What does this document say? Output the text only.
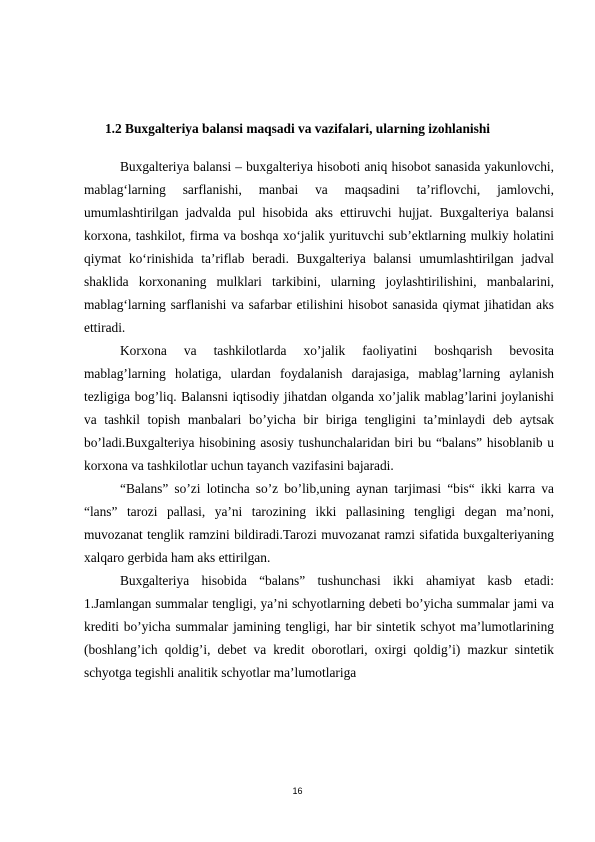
1.2 Buxgalteriya balansi maqsadi va vazifalari, ularning izohlanishi

Buxgalteriya balansi – buxgalteriya hisoboti aniq hisobot sanasida yakunlovchi, mablag‘larning sarflanishi, manbai va maqsadini ta’riflovchi, jamlovchi, umumlashtirilgan jadvalda pul hisobida aks ettiruvchi hujjat. Buxgalteriya balansi korxona, tashkilot, firma va boshqa xo‘jalik yurituvchi sub’ektlarning mulkiy holatini qiymat ko‘rinishida ta’riflab beradi. Buxgalteriya balansi umumlashtirilgan jadval shaklida korxonaning mulklari tarkibini, ularning joylashtirilishini, manbalarini, mablag‘larning sarflanishi va safarbar etilishini hisobot sanasida qiymat jihatidan aks ettiradi.

Korxona va tashkilotlarda xo’jalik faoliyatini boshqarish bevosita mablag’larning holatiga, ulardan foydalanish darajasiga, mablag’larning aylanish tezligiga bog’liq. Balansni iqtisodiy jihatdan olganda xo’jalik mablag’larini joylanishi va tashkil topish manbalari bo’yicha bir biriga tengligini ta’minlaydi deb aytsak bo’ladi.Buxgalteriya hisobining asosiy tushunchalaridan biri bu “balans” hisoblanib u korxona va tashkilotlar uchun tayanch vazifasini bajaradi.

“Balans” so’zi lotincha so’z bo’lib,uning aynan tarjimasi “bis“ ikki karra va “lans” tarozi pallasi, ya’ni tarozining ikki pallasining tengligi degan ma’noni, muvozanat tenglik ramzini bildiradi.Tarozi muvozanat ramzi sifatida buxgalteriyaning xalqaro gerbida ham aks ettirilgan.

Buxgalteriya hisobida “balans” tushunchasi ikki ahamiyat kasb etadi: 1.Jamlangan summalar tengligi, ya’ni schyotlarning debeti bo’yicha summalar jami va krediti bo’yicha summalar jamining tengligi, har bir sintetik schyot ma’lumotlarining (boshlang’ich qoldig’i, debet va kredit oborotlari, oxirgi qoldig’i) mazkur sintetik schyotga tegishli analitik schyotlar ma’lumotlariga

16
